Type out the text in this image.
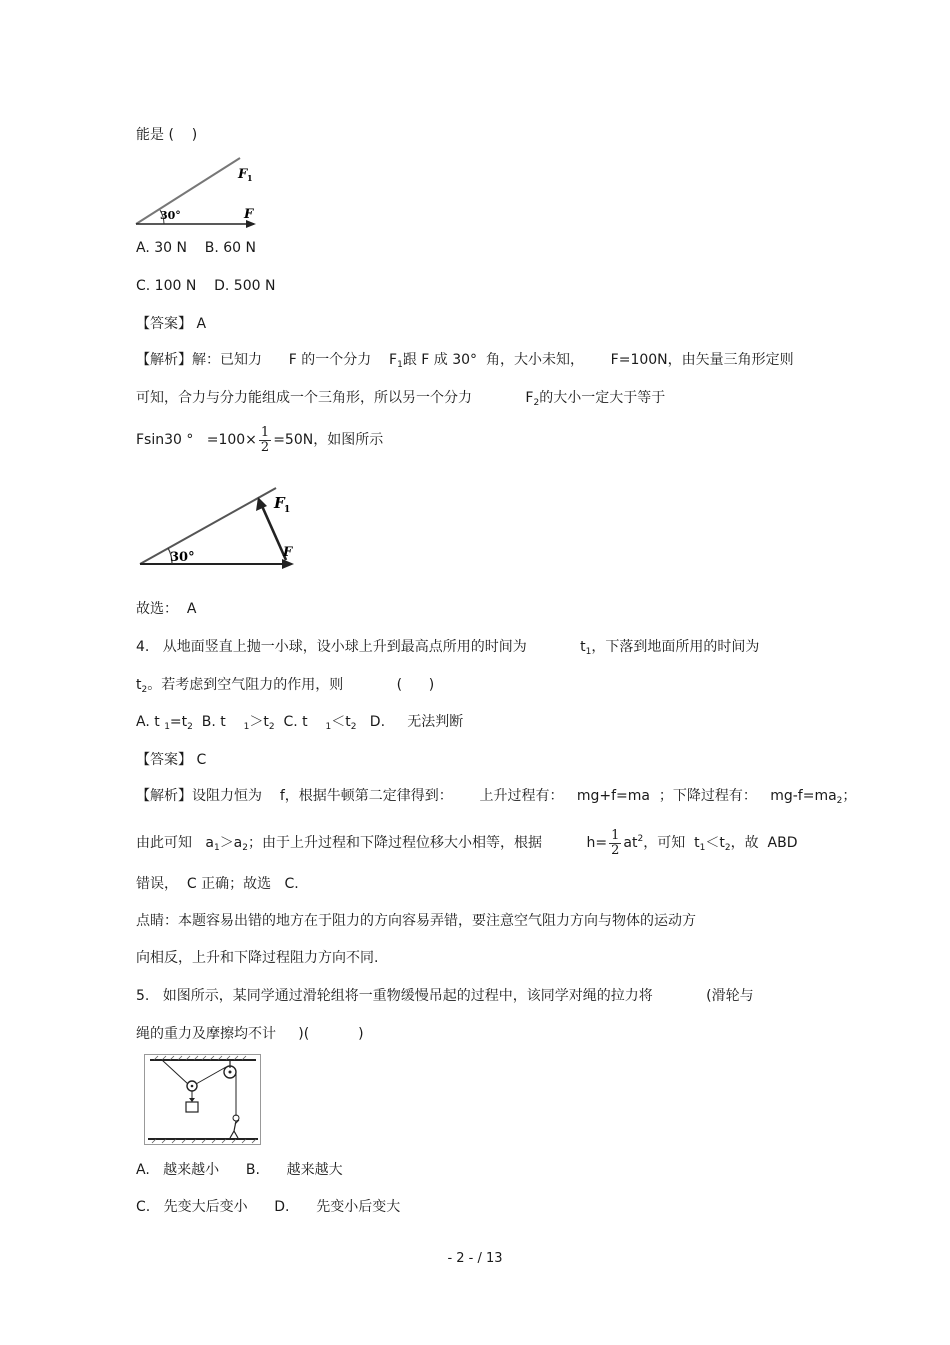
能是 (    )
30°
F 1
F
A. 30 N    B. 60 N
C. 100 N    D. 500 N
【答案】 A
【解析】解：已知力 F 的一个分力 $F_1$跟 F 成 30°  角，大小未知， F=100N，由矢量三角形定则
可知，合力与分力能组成一个三角形，所以另一个分力	$F_2$的大小一定大于等于
Fsin30 °   $=100\times \frac{1}{2} =50N$，如图所示
30°
F 1
F
故选：  A
4.   从地面竖直上抛一小球，设小球上升到最高点所用的时间为	$t_1$，下落到地面所用的时间为
$t_2$。若考虑到空气阻力的作用，则	(      )
A. t $_1=t_2$ B. t $_1>t_2$ C. t $_1<t_2$ D. 无法判断
【答案】 C
【解析】设阻力恒为 f，根据牛顿第二定律得到： 上升过程有： mg+f=ma ；下降过程有： $mg-f=ma_2$；
由此可知 $a_1>a_2$；由于上升过程和下降过程位移大小相等，根据	$h= \frac{1}{2} at^2$，可知 $t_1<t_2$，故 ABD
错误，  C 正确；故选   C.
点睛：本题容易出错的地方在于阻力的方向容易弄错，要注意空气阻力方向与物体的运动方
向相反，上升和下降过程阻力方向不同.
5.   如图所示，某同学通过滑轮组将一重物缓慢吊起的过程中，该同学对绳的拉力将	(滑轮与
绳的重力及摩擦均不计 )(	)
A.   越来越小 B. 越来越大
C.   先变大后变小 D. 先变小后变大
- 2 - / 13
